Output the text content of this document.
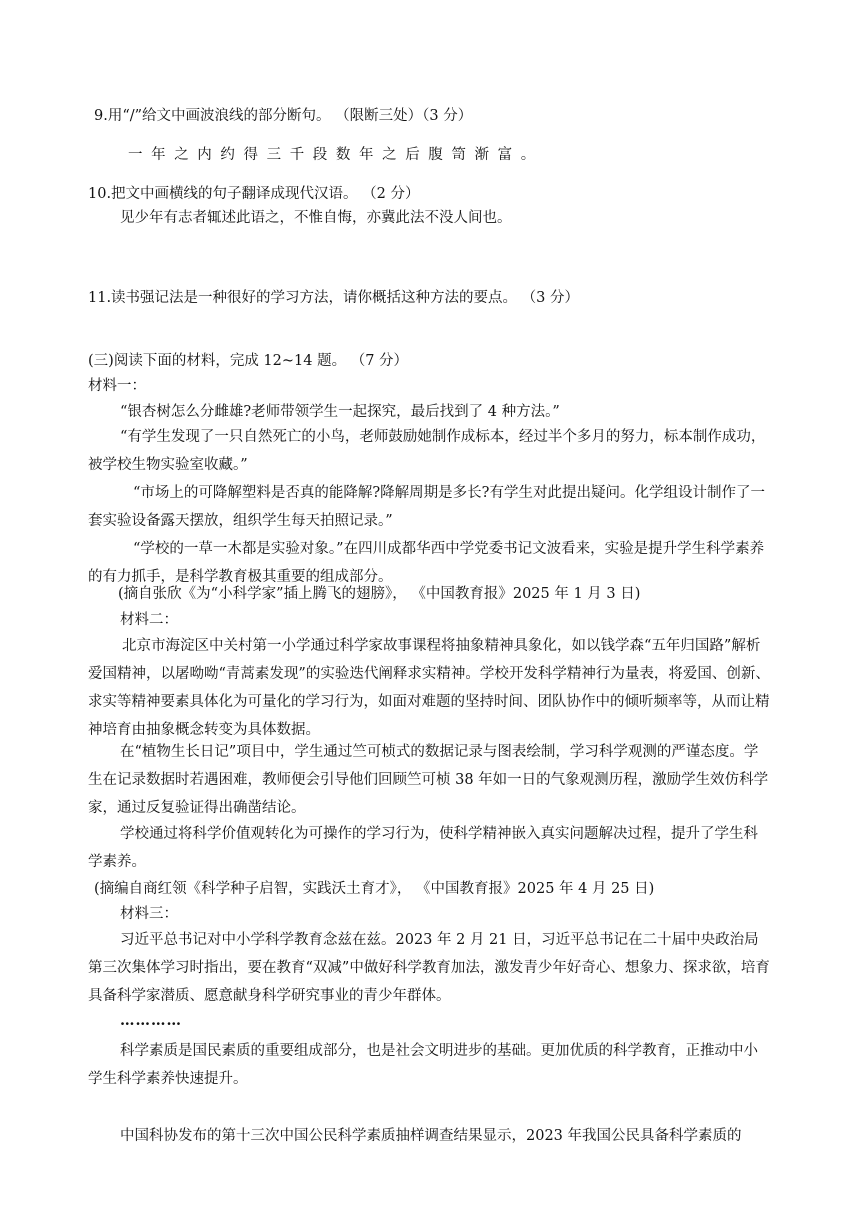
9.用“/”给文中画波浪线的部分断句。 （限断三处）（3 分）
一年之内约得三千段数年之后腹笥渐富。
10.把文中画横线的句子翻译成现代汉语。 （2 分）
见少年有志者辄述此语之，不惟自悔，亦冀此法不没人间也。
11.读书强记法是一种很好的学习方法，请你概括这种方法的要点。 （3 分）
(三)阅读下面的材料，完成 12~14 题。 （7 分）
材料一：
“银杏树怎么分雌雄?老师带领学生一起探究，最后找到了 4 种方法。”
“有学生发现了一只自然死亡的小鸟，老师鼓励她制作成标本，经过半个多月的努力，标本制作成功，被学校生物实验室收藏。”
“市场上的可降解塑料是否真的能降解?降解周期是多长?有学生对此提出疑问。化学组设计制作了一套实验设备露天摆放，组织学生每天拍照记录。”
“学校的一草一木都是实验对象。”在四川成都华西中学党委书记文波看来，实验是提升学生科学素养的有力抓手，是科学教育极其重要的组成部分。
(摘自张欣《为“小科学家”插上腾飞的翅膀》， 《中国教育报》2025 年 1 月 3 日)
材料二：
北京市海淀区中关村第一小学通过科学家故事课程将抽象精神具象化，如以钱学森“五年归国路”解析爱国精神，以屠呦呦“青蒿素发现”的实验迭代阐释求实精神。学校开发科学精神行为量表，将爱国、创新、求实等精神要素具体化为可量化的学习行为，如面对难题的坚持时间、团队协作中的倾听频率等，从而让精神培育由抽象概念转变为具体数据。
在“植物生长日记”项目中，学生通过竺可桢式的数据记录与图表绘制，学习科学观测的严谨态度。学生在记录数据时若遇困难，教师便会引导他们回顾竺可桢 38 年如一日的气象观测历程，激励学生效仿科学家，通过反复验证得出确凿结论。
学校通过将科学价值观转化为可操作的学习行为，使科学精神嵌入真实问题解决过程，提升了学生科学素养。
(摘编自商红领《科学种子启智，实践沃土育才》， 《中国教育报》2025 年 4 月 25 日)
材料三：
习近平总书记对中小学科学教育念兹在兹。2023 年 2 月 21 日，习近平总书记在二十届中央政治局第三次集体学习时指出，要在教育“双减”中做好科学教育加法，激发青少年好奇心、想象力、探求欲，培育具备科学家潜质、愿意献身科学研究事业的青少年群体。
…………
科学素质是国民素质的重要组成部分，也是社会文明进步的基础。更加优质的科学教育，正推动中小学生科学素养快速提升。
中国科协发布的第十三次中国公民科学素质抽样调查结果显示，2023 年我国公民具备科学素质的
